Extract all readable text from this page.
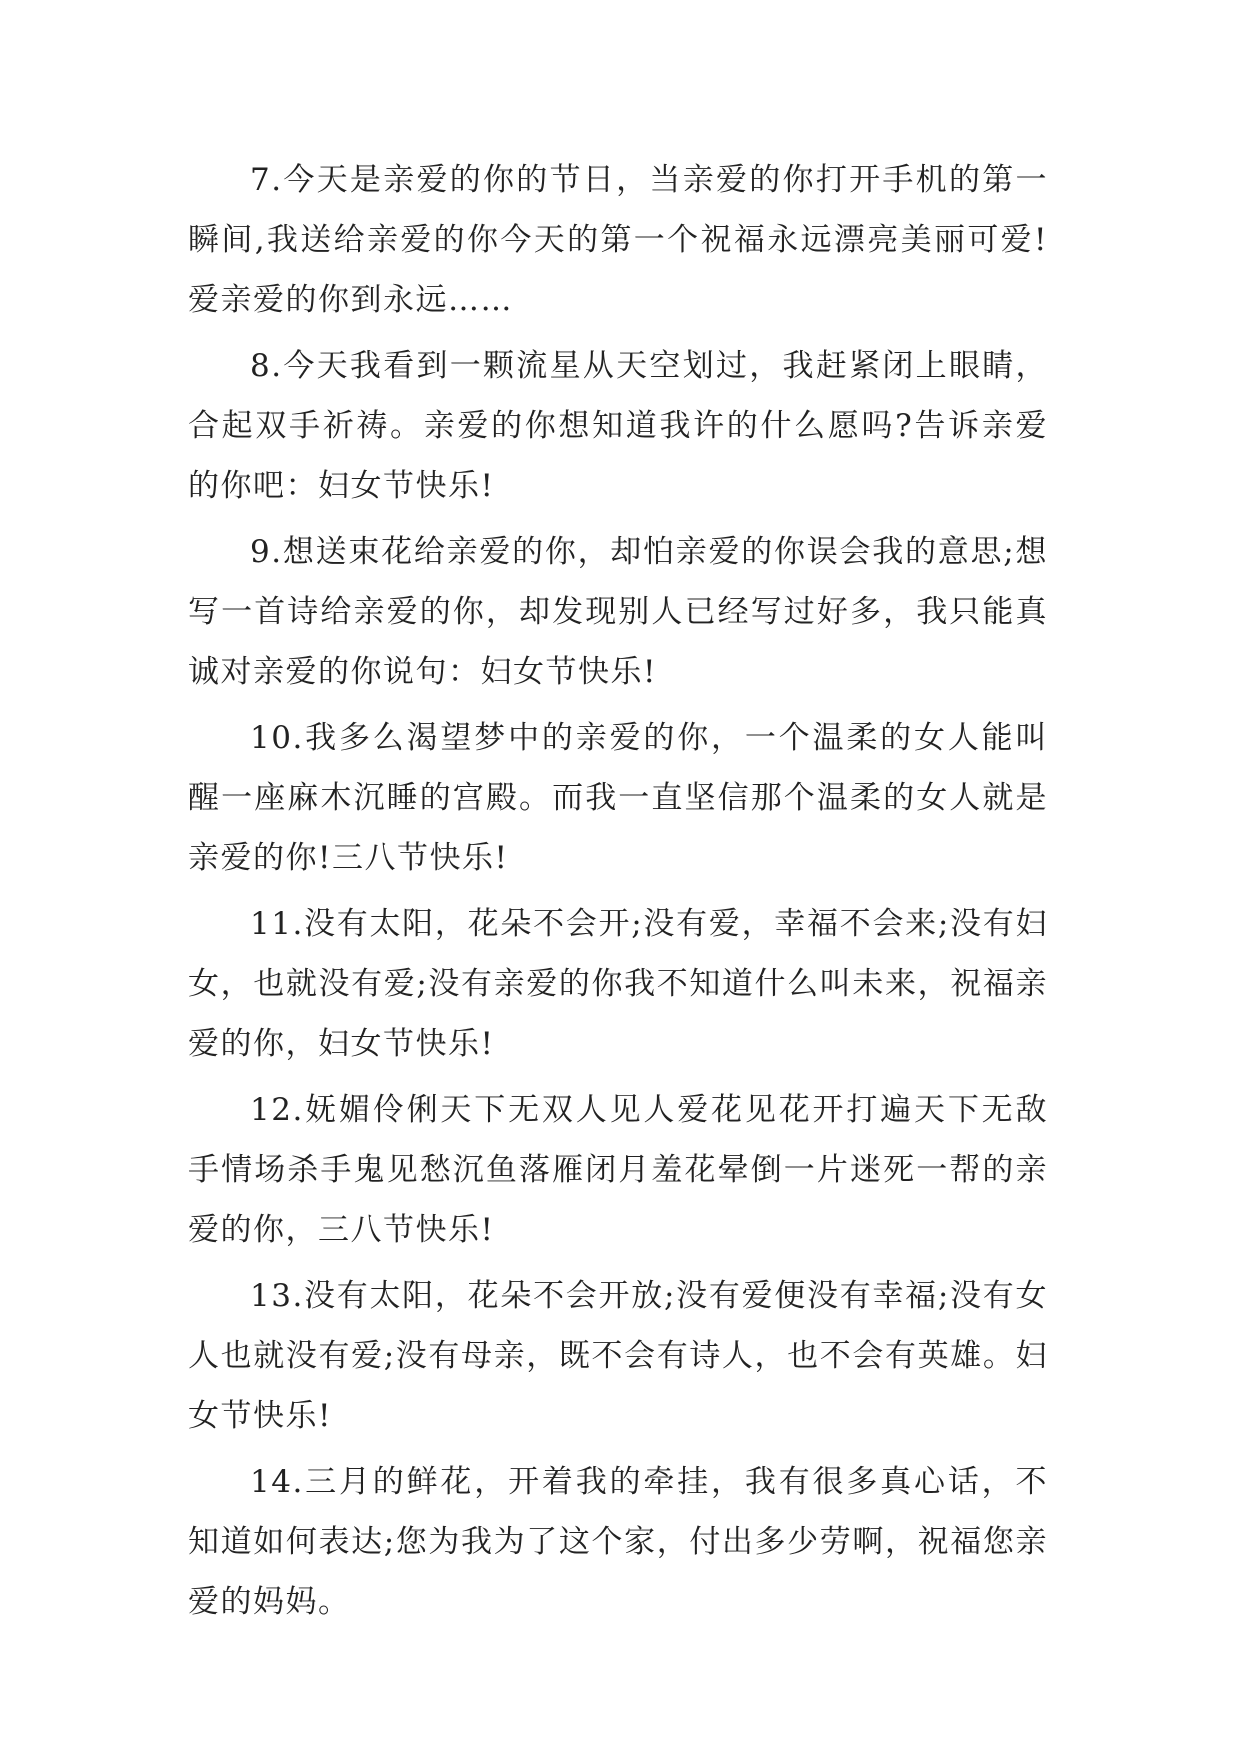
7.今天是亲爱的你的节日，当亲爱的你打开手机的第一瞬间,我送给亲爱的你今天的第一个祝福永远漂亮美丽可爱!爱亲爱的你到永远……

8.今天我看到一颗流星从天空划过，我赶紧闭上眼睛，合起双手祈祷。亲爱的你想知道我许的什么愿吗?告诉亲爱的你吧：妇女节快乐!

9.想送束花给亲爱的你，却怕亲爱的你误会我的意思;想写一首诗给亲爱的你，却发现别人已经写过好多，我只能真诚对亲爱的你说句：妇女节快乐!

10.我多么渴望梦中的亲爱的你，一个温柔的女人能叫醒一座麻木沉睡的宫殿。而我一直坚信那个温柔的女人就是亲爱的你!三八节快乐!

11.没有太阳，花朵不会开;没有爱，幸福不会来;没有妇女，也就没有爱;没有亲爱的你我不知道什么叫未来，祝福亲爱的你，妇女节快乐!

12.妩媚伶俐天下无双人见人爱花见花开打遍天下无敌手情场杀手鬼见愁沉鱼落雁闭月羞花晕倒一片迷死一帮的亲爱的你，三八节快乐!

13.没有太阳，花朵不会开放;没有爱便没有幸福;没有女人也就没有爱;没有母亲，既不会有诗人，也不会有英雄。妇女节快乐!

14.三月的鲜花，开着我的牵挂，我有很多真心话，不知道如何表达;您为我为了这个家，付出多少劳啊，祝福您亲爱的妈妈。
